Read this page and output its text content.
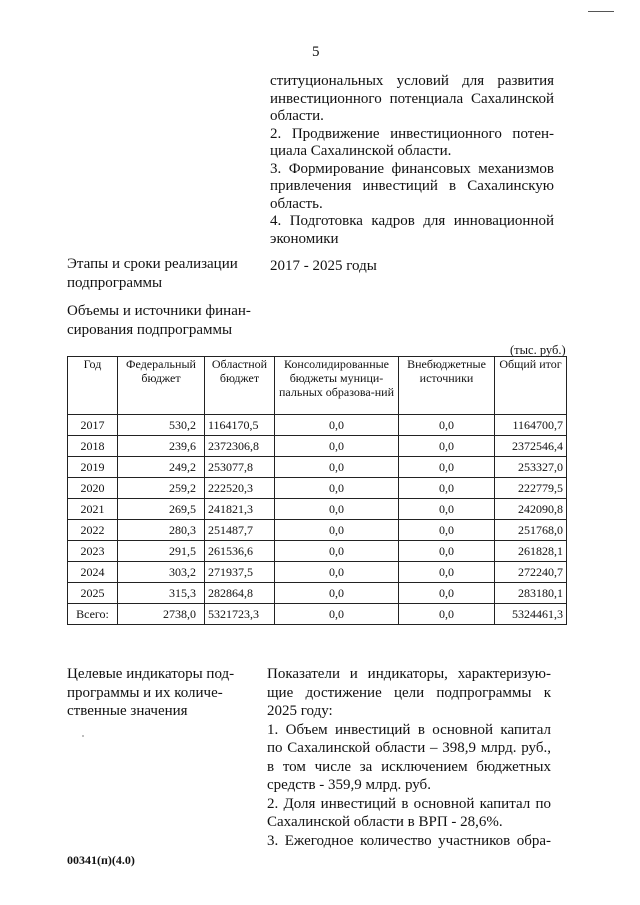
5
ституциональных условий для развития
инвестиционного потенциала Сахалинской
области.
2. Продвижение инвестиционного потен-
циала Сахалинской области.
3. Формирование финансовых механизмов
привлечения инвестиций в Сахалинскую
область.
4. Подготовка кадров для инновационной
экономики
Этапы и сроки реализации
подпрограммы
2017 - 2025 годы
Объемы и источники финан-
сирования подпрограммы
(тыс. руб.)
Год	Федеральный бюджет	Областной бюджет	Консолидированные бюджеты муници-пальных образова-ний	Внебюджетные источники	Общий итог
2017	530,2	1164170,5	0,0	0,0	1164700,7
2018	239,6	2372306,8	0,0	0,0	2372546,4
2019	249,2	253077,8	0,0	0,0	253327,0
2020	259,2	222520,3	0,0	0,0	222779,5
2021	269,5	241821,3	0,0	0,0	242090,8
2022	280,3	251487,7	0,0	0,0	251768,0
2023	291,5	261536,6	0,0	0,0	261828,1
2024	303,2	271937,5	0,0	0,0	272240,7
2025	315,3	282864,8	0,0	0,0	283180,1
Всего:	2738,0	5321723,3	0,0	0,0	5324461,3
Целевые индикаторы под-
программы и их количе-
ственные значения
Показатели и индикаторы, характеризую-
щие достижение цели подпрограммы к
2025 году:
1. Объем инвестиций в основной капитал
по Сахалинской области – 398,9 млрд. руб.,
в том числе за исключением бюджетных
средств - 359,9 млрд. руб.
2. Доля инвестиций в основной капитал по
Сахалинской области в ВРП - 28,6%.
3. Ежегодное количество участников обра-
00341(п)(4.0)
